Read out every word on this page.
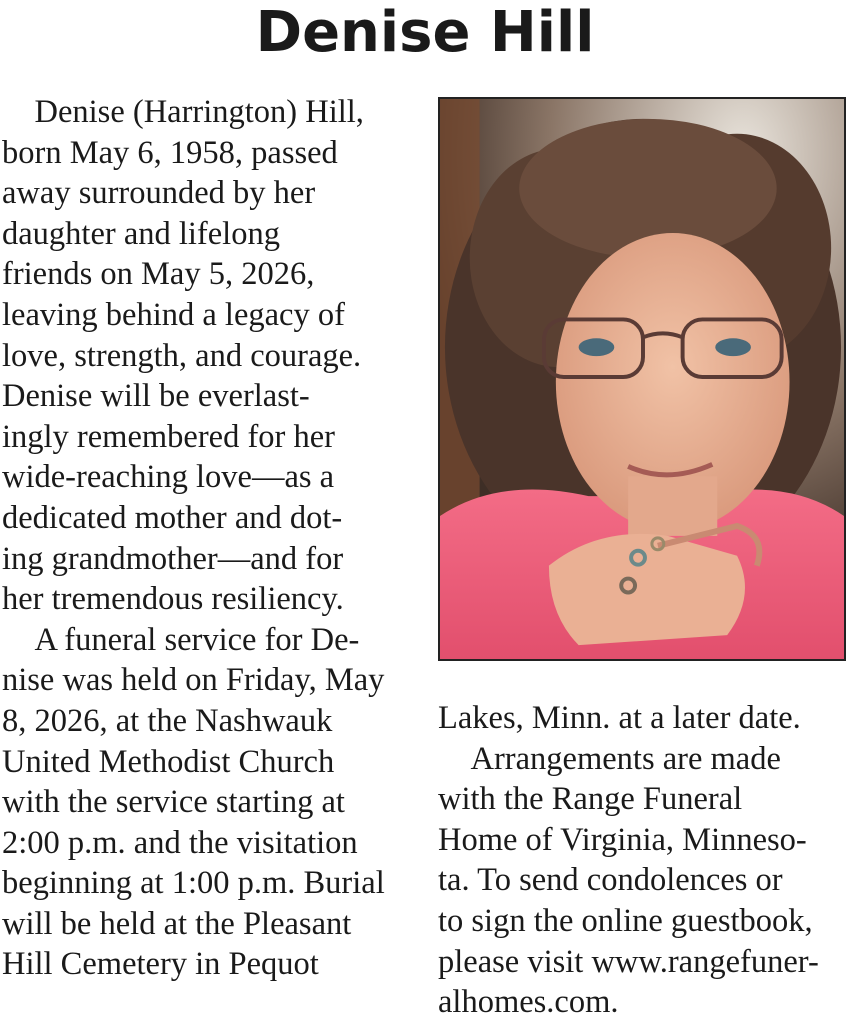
Denise Hill
Denise (Harrington) Hill,
born May 6, 1958, passed
away surrounded by her
daughter and lifelong
friends on May 5, 2026,
leaving behind a legacy of
love, strength, and courage.
Denise will be everlast-
ingly remembered for her
wide-reaching love—as a
dedicated mother and dot-
ing grandmother—and for
her tremendous resiliency.
A funeral service for De-
nise was held on Friday, May
8, 2026, at the Nashwauk
United Methodist Church
with the service starting at
2:00 p.m. and the visitation
beginning at 1:00 p.m. Burial
will be held at the Pleasant
Hill Cemetery in Pequot
Lakes, Minn. at a later date.
Arrangements are made
with the Range Funeral
Home of Virginia, Minneso-
ta. To send condolences or
to sign the online guestbook,
please visit www.rangefuner-
alhomes.com.
